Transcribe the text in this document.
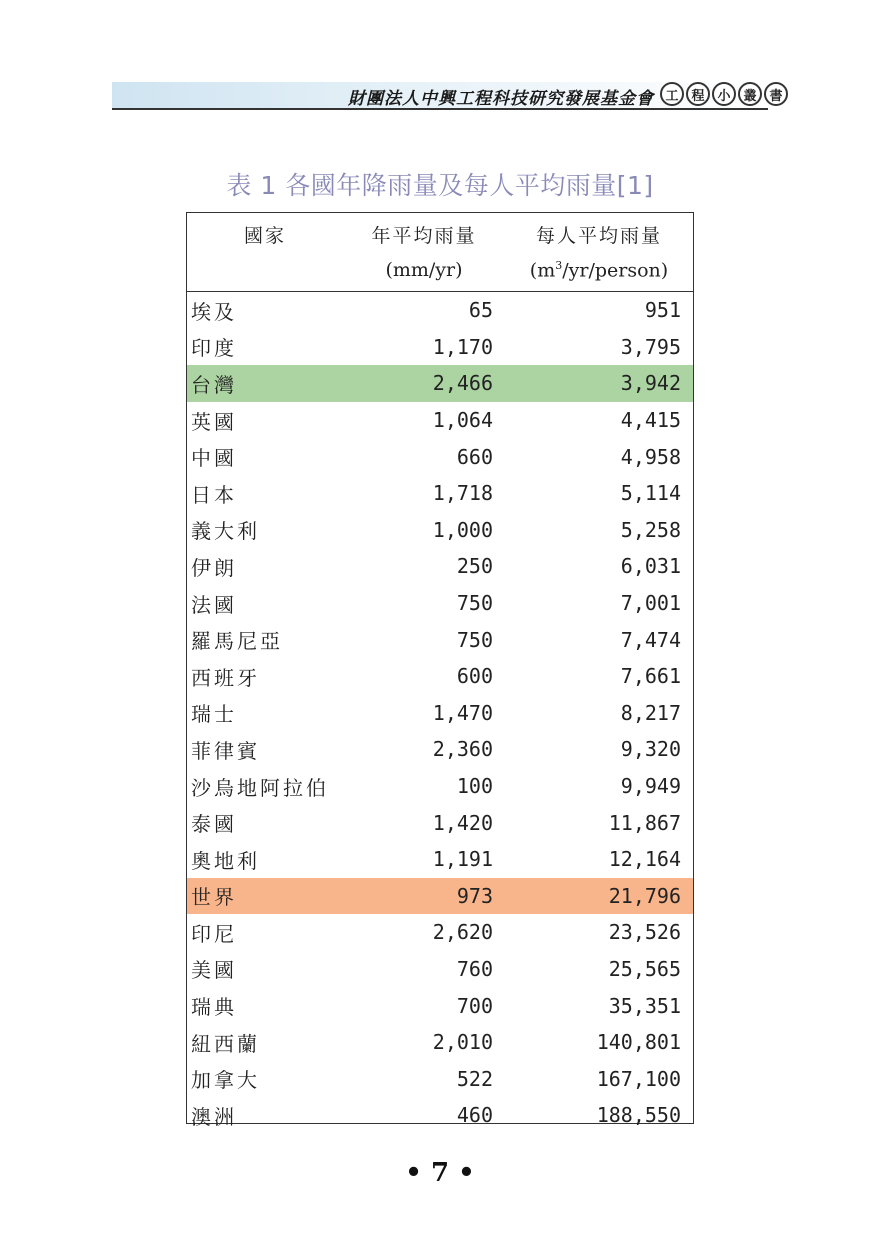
財團法人中興工程科技研究發展基金會 工 程 小 叢 書
表 1 各國年降雨量及每人平均雨量[1]
國家	年平均雨量	每人平均雨量
	(mm/yr)	$(m^3/yr/person)$
埃及	65	951
印度	1,170	3,795
台灣	2,466	3,942
英國	1,064	4,415
中國	660	4,958
日本	1,718	5,114
義大利	1,000	5,258
伊朗	250	6,031
法國	750	7,001
羅馬尼亞	750	7,474
西班牙	600	7,661
瑞士	1,470	8,217
菲律賓	2,360	9,320
沙烏地阿拉伯	100	9,949
泰國	1,420	11,867
奧地利	1,191	12,164
世界	973	21,796
印尼	2,620	23,526
美國	760	25,565
瑞典	700	35,351
紐西蘭	2,010	140,801
加拿大	522	167,100
澳洲	460	188,550
• 7 •
